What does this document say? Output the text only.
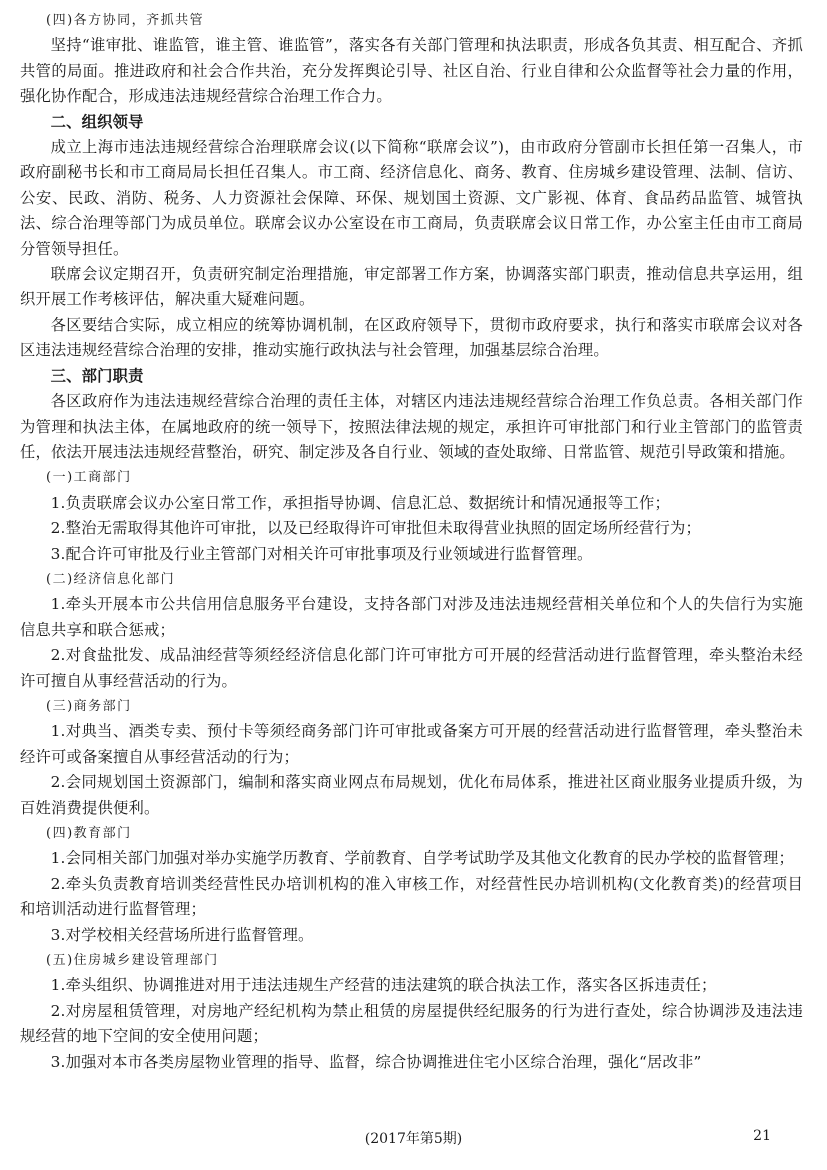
(四)各方协同，齐抓共管

坚持“谁审批、谁监管，谁主管、谁监管”，落实各有关部门管理和执法职责，形成各负其责、相互配合、齐抓共管的局面。推进政府和社会合作共治，充分发挥舆论引导、社区自治、行业自律和公众监督等社会力量的作用，强化协作配合，形成违法违规经营综合治理工作合力。

二、组织领导

成立上海市违法违规经营综合治理联席会议(以下简称“联席会议”)，由市政府分管副市长担任第一召集人，市政府副秘书长和市工商局局长担任召集人。市工商、经济信息化、商务、教育、住房城乡建设管理、法制、信访、公安、民政、消防、税务、人力资源社会保障、环保、规划国土资源、文广影视、体育、食品药品监管、城管执法、综合治理等部门为成员单位。联席会议办公室设在市工商局，负责联席会议日常工作，办公室主任由市工商局分管领导担任。

联席会议定期召开，负责研究制定治理措施，审定部署工作方案，协调落实部门职责，推动信息共享运用，组织开展工作考核评估，解决重大疑难问题。

各区要结合实际，成立相应的统筹协调机制，在区政府领导下，贯彻市政府要求，执行和落实市联席会议对各区违法违规经营综合治理的安排，推动实施行政执法与社会管理，加强基层综合治理。

三、部门职责

各区政府作为违法违规经营综合治理的责任主体，对辖区内违法违规经营综合治理工作负总责。各相关部门作为管理和执法主体，在属地政府的统一领导下，按照法律法规的规定，承担许可审批部门和行业主管部门的监管责任，依法开展违法违规经营整治，研究、制定涉及各自行业、领域的查处取缔、日常监管、规范引导政策和措施。

(一)工商部门

1.负责联席会议办公室日常工作，承担指导协调、信息汇总、数据统计和情况通报等工作；

2.整治无需取得其他许可审批，以及已经取得许可审批但未取得营业执照的固定场所经营行为；

3.配合许可审批及行业主管部门对相关许可审批事项及行业领域进行监督管理。

(二)经济信息化部门

1.牵头开展本市公共信用信息服务平台建设，支持各部门对涉及违法违规经营相关单位和个人的失信行为实施信息共享和联合惩戒；

2.对食盐批发、成品油经营等须经经济信息化部门许可审批方可开展的经营活动进行监督管理，牵头整治未经许可擅自从事经营活动的行为。

(三)商务部门

1.对典当、酒类专卖、预付卡等须经商务部门许可审批或备案方可开展的经营活动进行监督管理，牵头整治未经许可或备案擅自从事经营活动的行为；

2.会同规划国土资源部门，编制和落实商业网点布局规划，优化布局体系，推进社区商业服务业提质升级，为百姓消费提供便利。

(四)教育部门

1.会同相关部门加强对举办实施学历教育、学前教育、自学考试助学及其他文化教育的民办学校的监督管理；

2.牵头负责教育培训类经营性民办培训机构的准入审核工作，对经营性民办培训机构(文化教育类)的经营项目和培训活动进行监督管理；

3.对学校相关经营场所进行监督管理。

(五)住房城乡建设管理部门

1.牵头组织、协调推进对用于违法违规生产经营的违法建筑的联合执法工作，落实各区拆违责任；

2.对房屋租赁管理，对房地产经纪机构为禁止租赁的房屋提供经纪服务的行为进行查处，综合协调涉及违法违规经营的地下空间的安全使用问题；

3.加强对本市各类房屋物业管理的指导、监督，综合协调推进住宅小区综合治理，强化“居改非”

(2017年第5期)	21
